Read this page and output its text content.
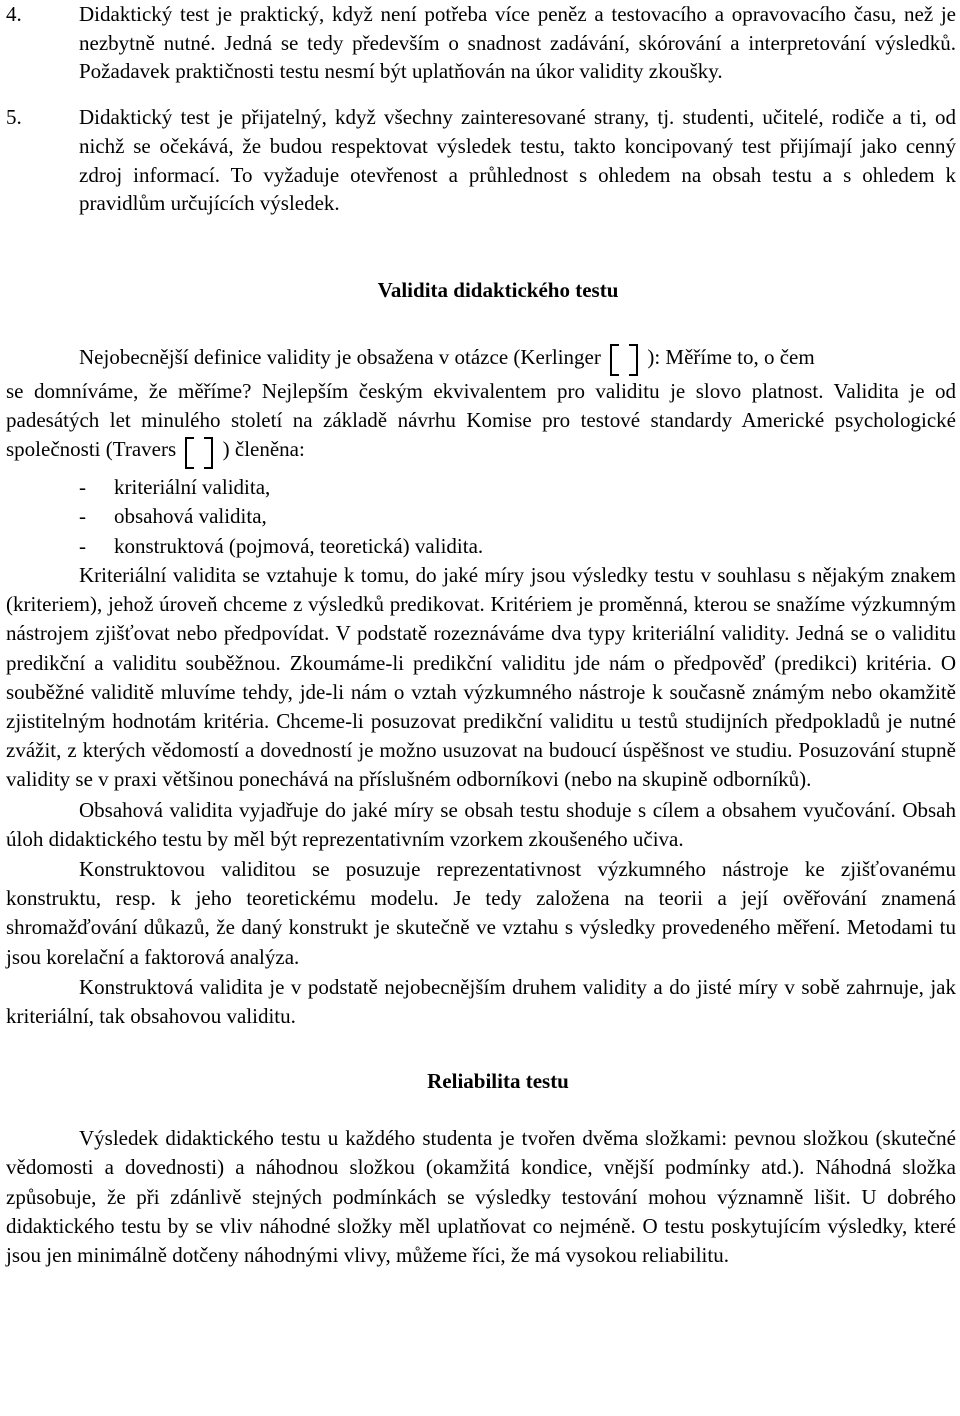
4.	Didaktický test je praktický, když není potřeba více peněz a testovacího a opravovacího času, než je nezbytně nutné. Jedná se tedy především o snadnost zadávání, skórování a interpretování výsledků. Požadavek praktičnosti testu nesmí být uplatňován na úkor validity zkoušky.
5.	Didaktický test je přijatelný, když všechny zainteresované strany, tj. studenti, učitelé, rodiče a ti, od nichž se očekává, že budou respektovat výsledek testu, takto koncipovaný test přijímají jako cenný zdroj informací. To vyžaduje otevřenost a průhlednost s ohledem na obsah testu a s ohledem k pravidlům určujících výsledek.
Validita didaktického testu
Nejobecnější definice validity je obsažena v otázce (Kerlinger ): Měříme to, o čem
se domníváme, že měříme? Nejlepším českým ekvivalentem pro validitu je slovo platnost. Validita je od padesátých let minulého století na základě návrhu Komise pro testové standardy Americké psychologické společnosti (Travers ) členěna:
- kriteriální validita,
- obsahová validita,
- konstruktová (pojmová, teoretická) validita.
Kriteriální validita se vztahuje k tomu, do jaké míry jsou výsledky testu v souhlasu s nějakým znakem (kriteriem), jehož úroveň chceme z výsledků predikovat. Kritériem je proměnná, kterou se snažíme výzkumným nástrojem zjišťovat nebo předpovídat. V podstatě rozeznáváme dva typy kriteriální validity. Jedná se o validitu predikční a validitu souběžnou. Zkoumáme-li predikční validitu jde nám o předpověď (predikci) kritéria. O souběžné validitě mluvíme tehdy, jde-li nám o vztah výzkumného nástroje k současně známým nebo okamžitě zjistitelným hodnotám kritéria. Chceme-li posuzovat predikční validitu u testů studijních předpokladů je nutné zvážit, z kterých vědomostí a dovedností je možno usuzovat na budoucí úspěšnost ve studiu. Posuzování stupně validity se v praxi většinou ponechává na příslušném odborníkovi (nebo na skupině odborníků).
Obsahová validita vyjadřuje do jaké míry se obsah testu shoduje s cílem a obsahem vyučování. Obsah úloh didaktického testu by měl být reprezentativním vzorkem zkoušeného učiva.
Konstruktovou validitou se posuzuje reprezentativnost výzkumného nástroje ke zjišťovanému konstruktu, resp. k jeho teoretickému modelu. Je tedy založena na teorii a její ověřování znamená shromažďování důkazů, že daný konstrukt je skutečně ve vztahu s výsledky provedeného měření. Metodami tu jsou korelační a faktorová analýza.
Konstruktová validita je v podstatě nejobecnějším druhem validity a do jisté míry v sobě zahrnuje, jak kriteriální, tak obsahovou validitu.
Reliabilita testu
Výsledek didaktického testu u každého studenta je tvořen dvěma složkami: pevnou složkou (skutečné vědomosti a dovednosti) a náhodnou složkou (okamžitá kondice, vnější podmínky atd.). Náhodná složka způsobuje, že při zdánlivě stejných podmínkách se výsledky testování mohou významně lišit. U dobrého didaktického testu by se vliv náhodné složky měl uplatňovat co nejméně. O testu poskytujícím výsledky, které jsou jen minimálně dotčeny náhodnými vlivy, můžeme říci, že má vysokou reliabilitu.
